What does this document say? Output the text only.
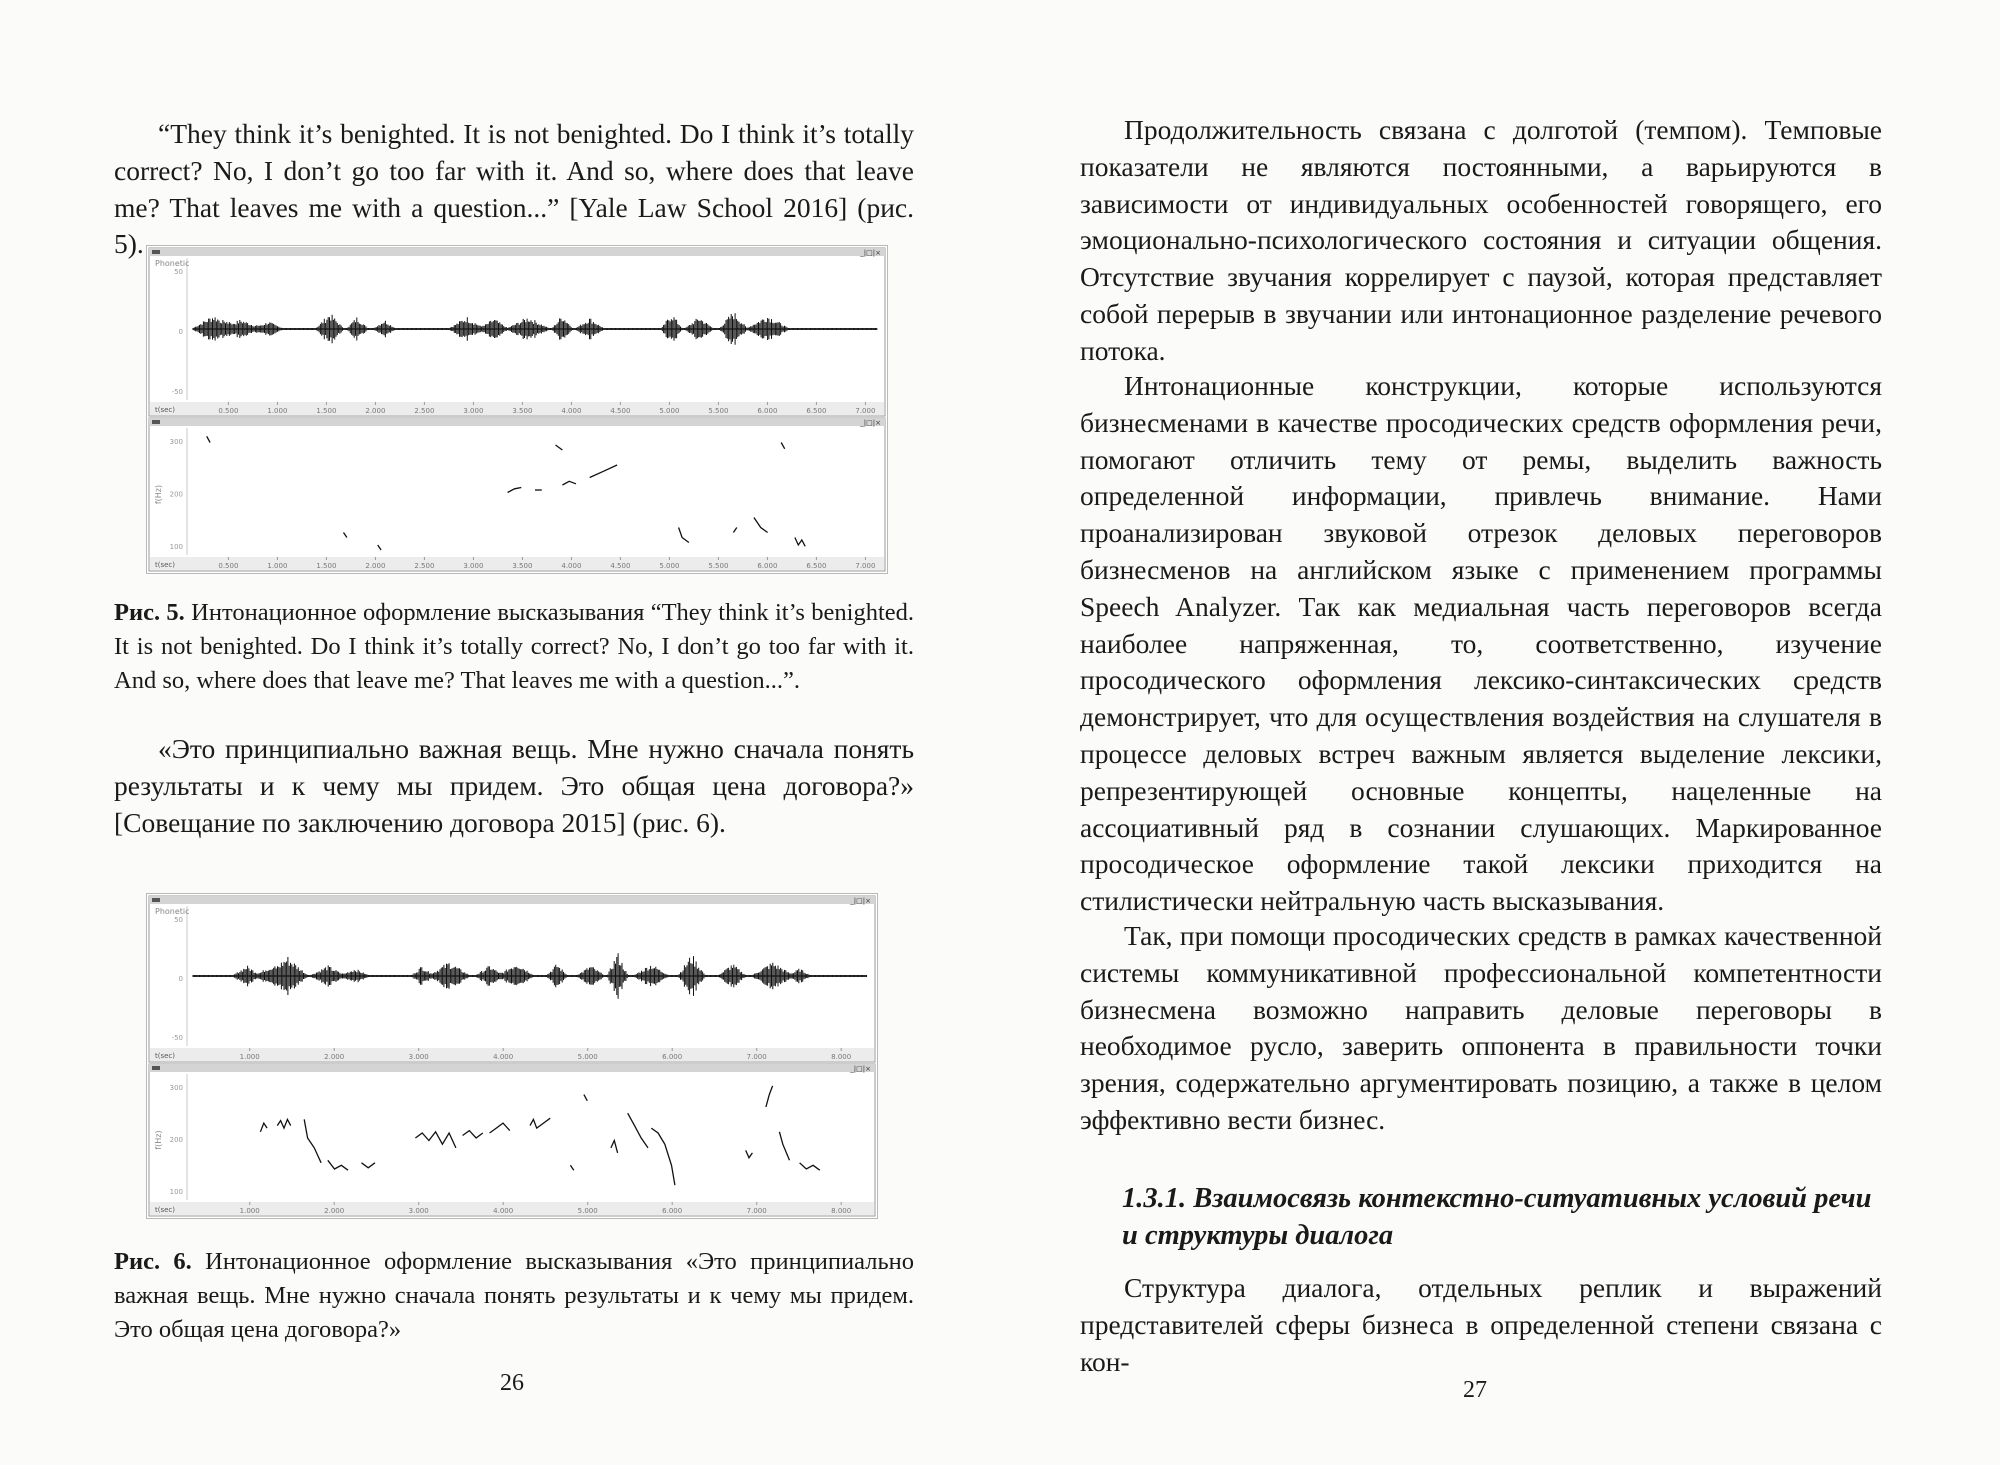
“They think it’s benighted. It is not benighted. Do I think it’s totally correct? No, I don’t go too far with it. And so, where does that leave me? That leaves me with a question...” [Yale Law School 2016] (рис. 5).	_|□|×
Phonetic
50
0
-50
t(sec)	0.500	1.000	1.500	2.000	2.500	3.000	3.500	4.000	4.500	5.000	5.500	6.000	6.500	7.000
_|□|×
f(Hz)
300
200
100
t(sec)	0.500	1.000	1.500	2.000	2.500	3.000	3.500	4.000	4.500	5.000	5.500	6.000	6.500	7.000

Рис. 5. Интонационное оформление высказывания “They think it’s benighted. It is not benighted. Do I think it’s totally correct? No, I don’t go too far with it. And so, where does that leave me? That leaves me with a question...”.

«Это принципиально важная вещь. Мне нужно сначала понять результаты и к чему мы придем. Это общая цена договора?» [Совещание по заключению договора 2015] (рис. 6).

_|□|×
Phonetic
50
0
-50
t(sec)	1.000	2.000	3.000	4.000	5.000	6.000	7.000	8.000
_|□|×
f(Hz)
300
200
100
t(sec)	1.000	2.000	3.000	4.000	5.000	6.000	7.000	8.000

Рис. 6. Интонационное оформление высказывания «Это принципиально важная вещь. Мне нужно сначала понять результаты и к чему мы придем. Это общая цена договора?»

26

Продолжительность связана с долготой (темпом). Темповые показатели не являются постоянными, а варьируются в зависимости от индивидуальных особенностей говорящего, его эмоционально-психологического состояния и ситуации общения. Отсутствие звучания коррелирует с паузой, которая представляет собой перерыв в звучании или интонационное разделение речевого потока.

Интонационные конструкции, которые используются бизнесменами в качестве просодических средств оформления речи, помогают отличить тему от ремы, выделить важность определенной информации, привлечь внимание. Нами проанализирован звуковой отрезок деловых переговоров бизнесменов на английском языке с применением программы Speech Analyzer. Так как медиальная часть переговоров всегда наиболее напряженная, то, соответственно, изучение просодического оформления лексико-синтаксических средств демонстрирует, что для осуществления воздействия на слушателя в процессе деловых встреч важным является выделение лексики, репрезентирующей основные концепты, нацеленные на ассоциативный ряд в сознании слушающих. Маркированное просодическое оформление такой лексики приходится на стилистически нейтральную часть высказывания.

Так, при помощи просодических средств в рамках качественной системы коммуникативной профессиональной компетентности бизнесмена возможно направить деловые переговоры в необходимое русло, заверить оппонента в правильности точки зрения, содержательно аргументировать позицию, а также в целом эффективно вести бизнес.

1.3.1. Взаимосвязь контекстно-ситуативных условий речи и структуры диалога

Структура диалога, отдельных реплик и выражений представителей сферы бизнеса в определенной степени связана с кон-

27
